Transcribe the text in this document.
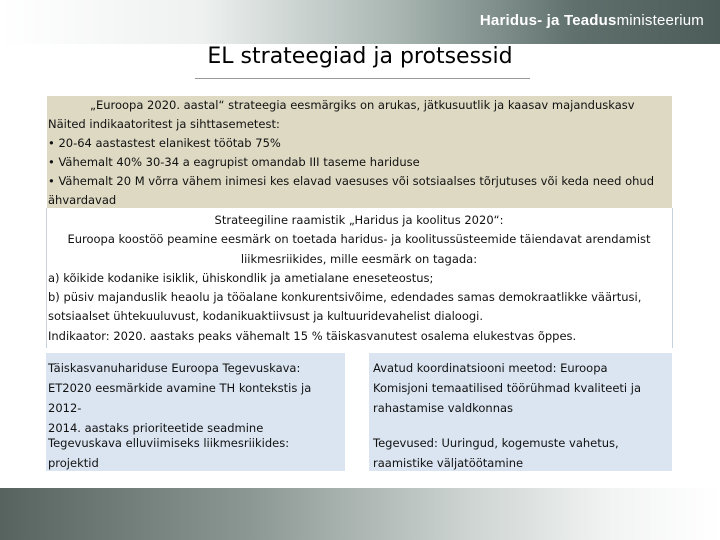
Haridus- ja Teadusministeerium
EL strateegiad ja protsessid
„Euroopa 2020. aastal“ strateegia eesmärgiks on arukas, jätkusuutlik ja kaasav majanduskasv
Näited indikaatoritest ja sihttasemetest:
• 20-64 aastastest elanikest töötab 75%
• Vähemalt 40% 30-34 a eagrupist omandab III taseme hariduse
• Vähemalt 20 M võrra vähem inimesi kes elavad vaesuses või sotsiaalses tõrjutuses või keda need ohud
ähvardavad
Strateegiline raamistik „Haridus ja koolitus 2020“:
Euroopa koostöö peamine eesmärk on toetada haridus- ja koolitussüsteemide täiendavat arendamist
liikmesriikides, mille eesmärk on tagada:
a) kõikide kodanike isiklik, ühiskondlik ja ametialane eneseteostus;
b) püsiv majanduslik heaolu ja tööalane konkurentsivõime, edendades samas demokraatlikke väärtusi,
sotsiaalset ühtekuuluvust, kodanikuaktiivsust ja kultuuridevahelist dialoogi.
Indikaator: 2020. aastaks peaks vähemalt 15 % täiskasvanutest osalema elukestvas õppes.
Täiskasvanuhariduse Euroopa Tegevuskava:
ET2020 eesmärkide avamine TH kontekstis ja 2012-
2014. aastaks prioriteetide seadmine
Tegevuskava elluviimiseks liikmesriikides: projektid
Avatud koordinatsiooni meetod: Euroopa
Komisjoni temaatilised töörühmad kvaliteeti ja
rahastamise valdkonnas
Tegevused: Uuringud, kogemuste vahetus,
raamistike väljatöötamine
